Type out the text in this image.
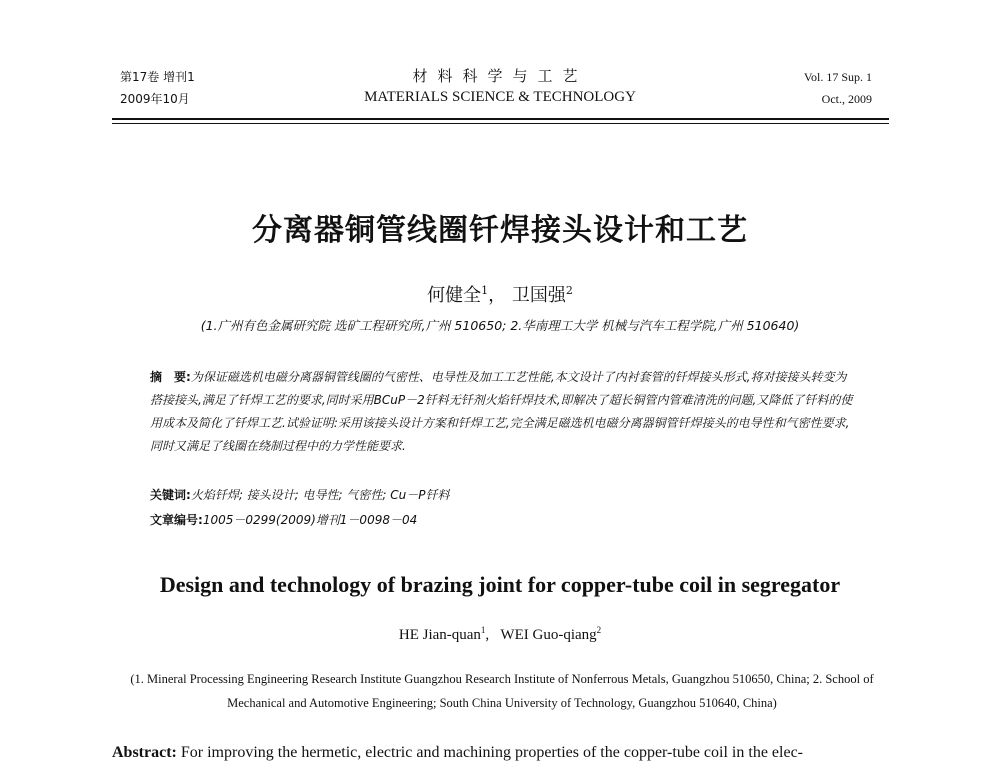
第17卷 增刊1
2009年10月
材料科学与工艺
MATERIALS SCIENCE & TECHNOLOGY
Vol. 17 Sup. 1
Oct., 2009
分离器铜管线圈钎焊接头设计和工艺
何健全$^1$， 卫国强$^2$
(1.广州有色金属研究院 选矿工程研究所,广州 510650; 2.华南理工大学 机械与汽车工程学院,广州 510640)
摘　要:为保证磁选机电磁分离器铜管线圈的气密性、电导性及加工工艺性能,本文设计了内衬套管的钎焊接头形式,将对接接头转变为搭接接头,满足了钎焊工艺的要求,同时采用BCuP－2钎料无钎剂火焰钎焊技术,即解决了超长铜管内管难清洗的问题,又降低了钎料的使用成本及简化了钎焊工艺.试验证明:采用该接头设计方案和钎焊工艺,完全满足磁选机电磁分离器铜管钎焊接头的电导性和气密性要求,同时又满足了线圈在绕制过程中的力学性能要求.
关键词:火焰钎焊; 接头设计; 电导性; 气密性; Cu－P钎料
文章编号:1005－0299(2009)增刊1－0098－04
Design and technology of brazing joint for copper-tube coil in segregator
HE Jian-quan$^1$, WEI Guo-qiang$^2$
(1. Mineral Processing Engineering Research Institute Guangzhou Research Institute of Nonferrous Metals, Guangzhou 510650, China; 2. School of Mechanical and Automotive Engineering; South China University of Technology, Guangzhou 510640, China)
Abstract: For improving the hermetic, electric and machining properties of the copper-tube coil in the elec-
